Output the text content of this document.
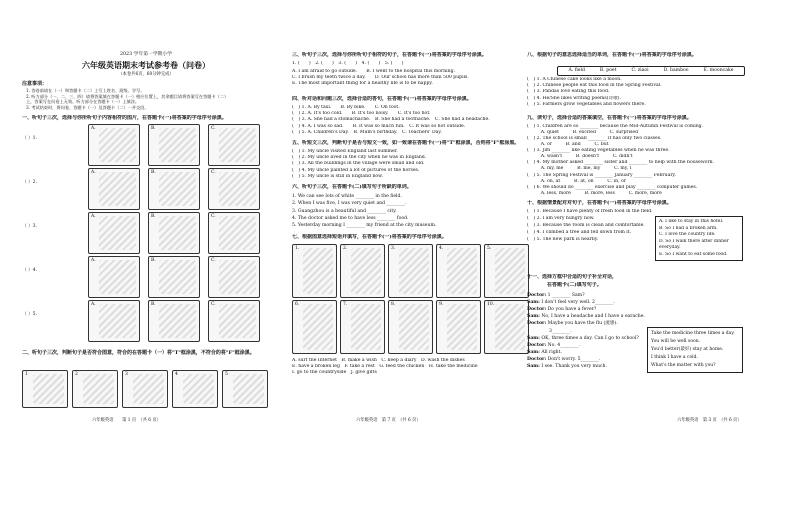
2023 学年第一学期小学
六年级英语期末考试参考卷（问卷）
（本卷共6页，60分钟完成）
注意事项：
1. 答卷前请在（一）和答题卡（二）上写上姓名、班级、学号。
2. 听力部分（一、二、三、四）请将答案填在答题卡（一）相应位置上，其余题目请将答案写在答题卡（二）
上，答案写在问卷上无效。听力部分在答题卡（一）上填涂。
3. 考试结束时，将问卷、答题卡（一）及答题卡（二）一并交回。
一、听句子三次，选择与你所听句子内容相符的图片，在答题卡(一)将答案的字母序号涂黑。
（ ）1.
（ ）2.
（ ）3.
（ ）4.
（ ）5.
A.	B.	C.
A.	B.	C.
A.	B.	C.
A.	B.	C.
A.	B.	C.
二、听句子三次，判断句子是否符合图意，符合的在答题卡（一）将"T"框涂黑，不符合的将"F"框涂黑。
1	2	3	4	5
六年级英语　　 第 1 页　 （共 6 页）
三、听句子三次，选择与你所听句子相符的句子，在答题卡(一)将答案的字母序号涂黑。
1. (　　)　2. (　　)　3. (　　)　4. (　　)　5. (　　)
A. I am afraid to go outside.　　B. I went to the hospital this morning.
C. I brush my teeth twice a day.　　D. Our school has more than 500 pupils.
E. The most important thing for a healthy life is to be happy.
四、听对话和问题三次，选择合适的答句，在答题卡(一)将答案的字母序号涂黑。
(　) 1. A. By taxi.　　B. By bike.　　C. On foot.
(　) 2. A. It's too cold.　　B. It's too noisy.　　C. It's too hot.
(　) 3. A. She had a stomachache.　B. She had a toothache.　C. She had a headache.
(　) 4. A. I was so sad.　　B. It was so much fun.　C. It was so hot outside.
(　) 5. A. Children's Day.　B. Mum's birthday.　C. Teachers' Day.
五、听短文三次，判断句子是否与短文一致，如一致请在答题卡(一)将"T"框涂黑，否则将"F"框涂黑。
(　) 1. My uncle visited England last summer.
(　) 2. My uncle lived in the city when he was in England.
(　) 3. All the buildings in the village were small and old.
(　) 4. My uncle painted a lot of pictures of the horses.
(　) 5. My uncle is still in England now.
六、听句子三次，在答题卡(二)填写句子所缺的单词。
1. We can see lots of white ________ in the field.
2. When I was five, I was very quiet and ________.
3. Guangzhou is a beautiful and ________ city.
4. The doctor asked me to have less ________ food.
5. Yesterday morning I ________ my friend at the city museum.
七、根据图意选择短语并填写，在答题卡(一)将答案的字母序号涂黑。
1.	2.	3.	4.	5.
6.	7.	8.	9.	10.
A. surf the Internet　B. make a wish　C. keep a diary　D. wash the dishes
E. have a broken leg　F. take a rest　G. feed the chicken　H. take the medicine
I. go to the countryside　J. give gifts
六年级英语　 第 7 页　 （共 6 页）
八、根据句子的意思选择适当的单词，在答题卡(一)将答案的字母序号涂黑。
A. field	B. poet	C. ziaoi	D. bamboo	E. mooncake
(　) 1. A Chinese cake looks like a moon.
(　) 2. Chinese people eat this food in the Spring Festival.
(　) 3. Pandas love eating this food.
(　) 4. He/She likes writing poems(诗歌).
(　) 5. Farmers grow vegetables and flowers there.
九、读句子，选择合适的答案填空，在答题卡(一)将答案的字母序号涂黑。
(　) 1. Children are so ________ because the Mid-Autumn Festival is coming.
　　　A. quiet　　　B. excited　　　C. surprised
(　) 2. The school is small ________ it has only two classes.
　　　A. or　　　B. and　　　C. but
(　) 3. Jim ________ like eating vegetables when he was three.
　　　A. wasn't　　　B. doesn't　　　C. didn't
(　) 4. My mother asked ________ sister and ________ to help with the housework.
　　　A. my, me　　　B. me, my　　　C. my, I
(　) 5. The Spring Festival is ________ January ________ February.
　　　A. on, at　　　B. at, on　　　C. in, or
(　) 6. We should do ________ exercise and play ________ computer games.
　　　A. less, more　　　B. more, less　　　C. more, more
十、根据情景配对对句子，在答题卡(一)将答案的字母序号涂黑。
(　) 1. Because I have plenty of fresh food in the field.
(　) 2. I am very hungry now.
(　) 3. Because the room is clean and comfortable.
(　) 4. I climbed a tree and fell down from it.
(　) 5. The new park is nearby.
A. I like to stay in this hotel.
B. So I had a broken arm.
C. I love the country life.
D. So I walk there after dinner
everyday.
E. So I want to eat some food.
十一、选择方框中合适的句子补全对话，
在答题卡(二)填写句子。
Doctor: 1 ________ Sam?
Sam: I don't feel very well. 2________.
Doctor: Do you have a fever?
Sam: No, I have a headache and I have a earache.
Doctor: Maybe you have the flu (流感).
3________.
Sam: OK, three times a day. Can I go to school?
Doctor: No. 4________.
Sam: All right.
Doctor: Don't worry. 5________.
Sam: I see. Thank you very much.
Take the medicine three times a day.
You will be well soon.
You'd better(最好) stay at home.
I think I have a cold.
What's the matter with you?
六年级英语　 第 3 页　 （共 6 页）
